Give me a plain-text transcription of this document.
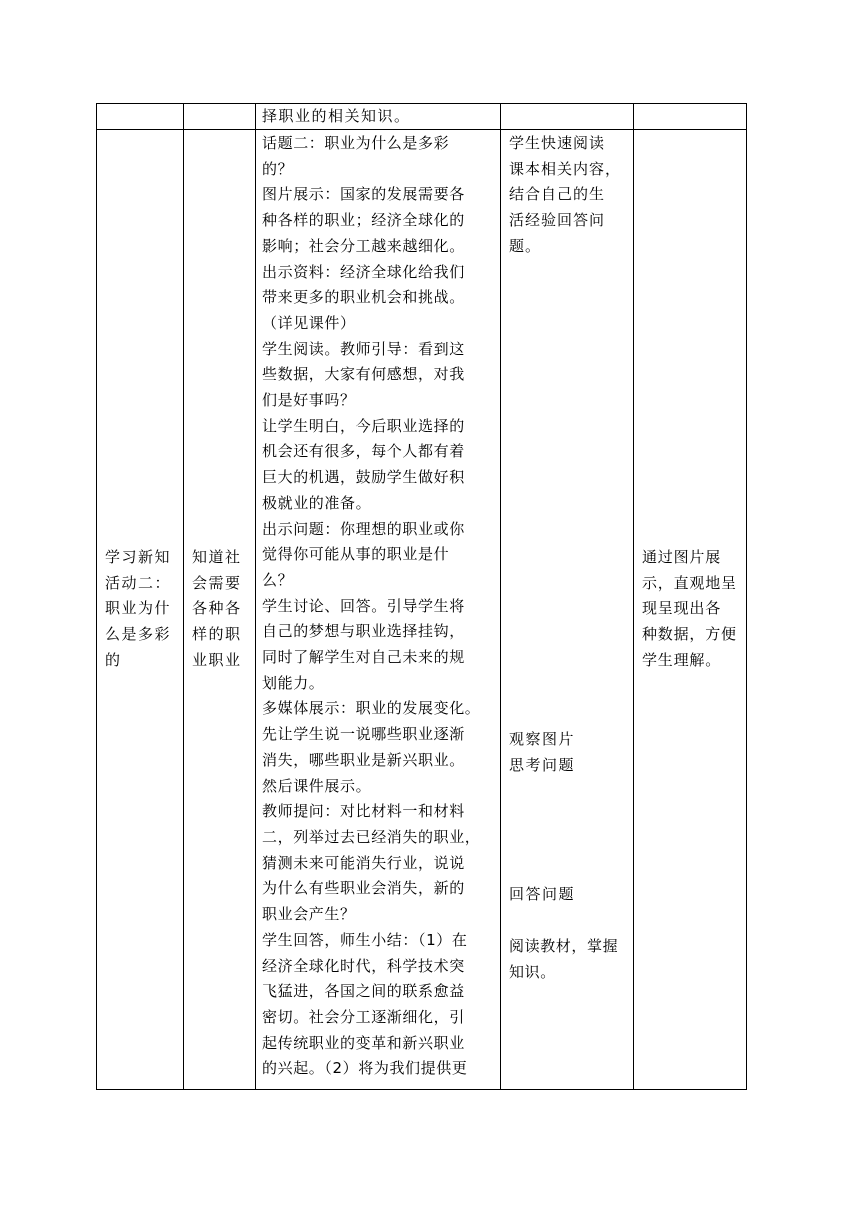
择职业的相关知识。

学习新知

活动二：

职业为什

么是多彩

的

知道社

会需要

各种各

样的职

业职业

话题二：职业为什么是多彩

的？

图片展示：国家的发展需要各

种各样的职业；经济全球化的

影响；社会分工越来越细化。

出示资料：经济全球化给我们

带来更多的职业机会和挑战。

（详见课件）

学生阅读。教师引导：看到这

些数据，大家有何感想，对我

们是好事吗？

让学生明白，今后职业选择的

机会还有很多，每个人都有着

巨大的机遇，鼓励学生做好积

极就业的准备。

出示问题：你理想的职业或你

觉得你可能从事的职业是什

么？

学生讨论、回答。引导学生将

自己的梦想与职业选择挂钩，

同时了解学生对自己未来的规

划能力。

多媒体展示：职业的发展变化。

先让学生说一说哪些职业逐渐

消失，哪些职业是新兴职业。

然后课件展示。

教师提问：对比材料一和材料

二，列举过去已经消失的职业，

猜测未来可能消失行业，说说

为什么有些职业会消失，新的

职业会产生？

学生回答，师生小结：（1）在

经济全球化时代，科学技术突

飞猛进，各国之间的联系愈益

密切。社会分工逐渐细化，引

起传统职业的变革和新兴职业

的兴起。（2）将为我们提供更

学生快速阅读

课本相关内容，

结合自己的生

活经验回答问

题。

观察图片

思考问题

回答问题

阅读教材，掌握

知识。

通过图片展

示，直观地呈

现呈现出各

种数据，方便

学生理解。
